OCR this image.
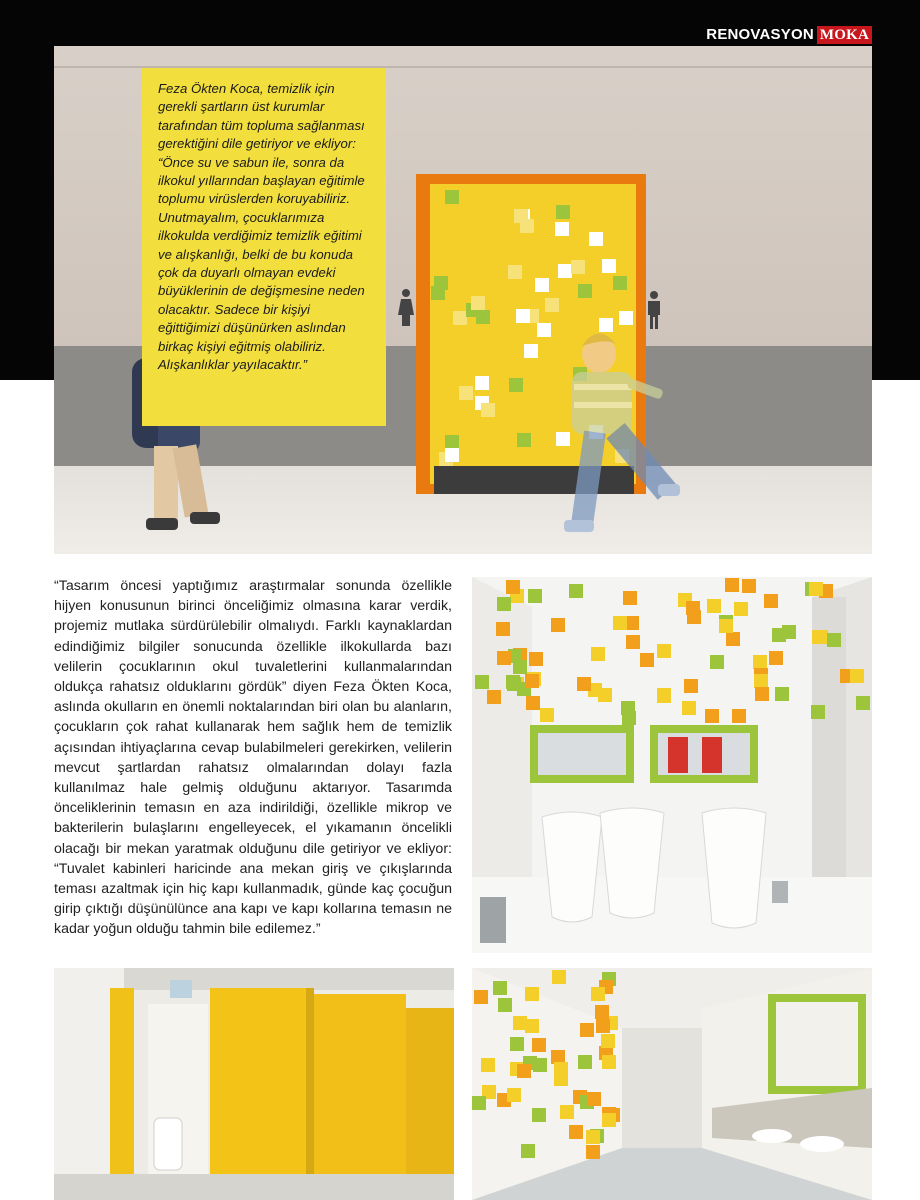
RENOVASYON MOKA
Feza Ökten Koca, temizlik için gerekli şartların üst kurumlar tarafından tüm topluma sağlanması gerektiğini dile getiriyor ve ekliyor: “Önce su ve sabun ile, sonra da ilkokul yıllarından başlayan eğitimle toplumu virüslerden koruyabiliriz. Unutmayalım, çocuklarımıza ilkokulda verdiğimiz temizlik eğitimi ve alışkanlığı, belki de bu konuda çok da duyarlı olmayan evdeki büyüklerinin de değişmesine neden olacaktır. Sadece bir kişiyi eğittiğimizi düşünürken aslından birkaç kişiyi eğitmiş olabiliriz. Alışkanlıklar yayılacaktır.”
“Tasarım öncesi yaptığımız araştırmalar sonunda özellikle hijyen konusunun birinci önceliğimiz olmasına karar verdik, projemiz mutlaka sürdürülebilir olmalıydı. Farklı kaynaklardan edindiğimiz bilgiler sonucunda özellikle ilkokullarda bazı velilerin çocuklarının okul tuvaletlerini kullanmalarından oldukça rahatsız olduklarını gördük” diyen Feza Ökten Koca, aslında okulların en önemli noktalarından biri olan bu alanların, çocukların çok rahat kullanarak hem sağlık hem de temizlik açısından ihtiyaçlarına cevap bulabilmeleri gerekirken, velilerin mevcut şartlardan rahatsız olmalarından dolayı fazla kullanılmaz hale gelmiş olduğunu aktarıyor. Tasarımda önceliklerinin temasın en aza indirildiği, özellikle mikrop ve bakterilerin bulaşlarını engelleyecek, el yıkamanın öncelikli olacağı bir mekan yaratmak olduğunu dile getiriyor ve ekliyor: “Tuvalet kabinleri haricinde ana mekan giriş ve çıkışlarında teması azaltmak için hiç kapı kullanmadık, günde kaç çocuğun girip çıktığı düşünülünce ana kapı ve kapı kollarına temasın ne kadar yoğun olduğu tahmin bile edilemez.”
